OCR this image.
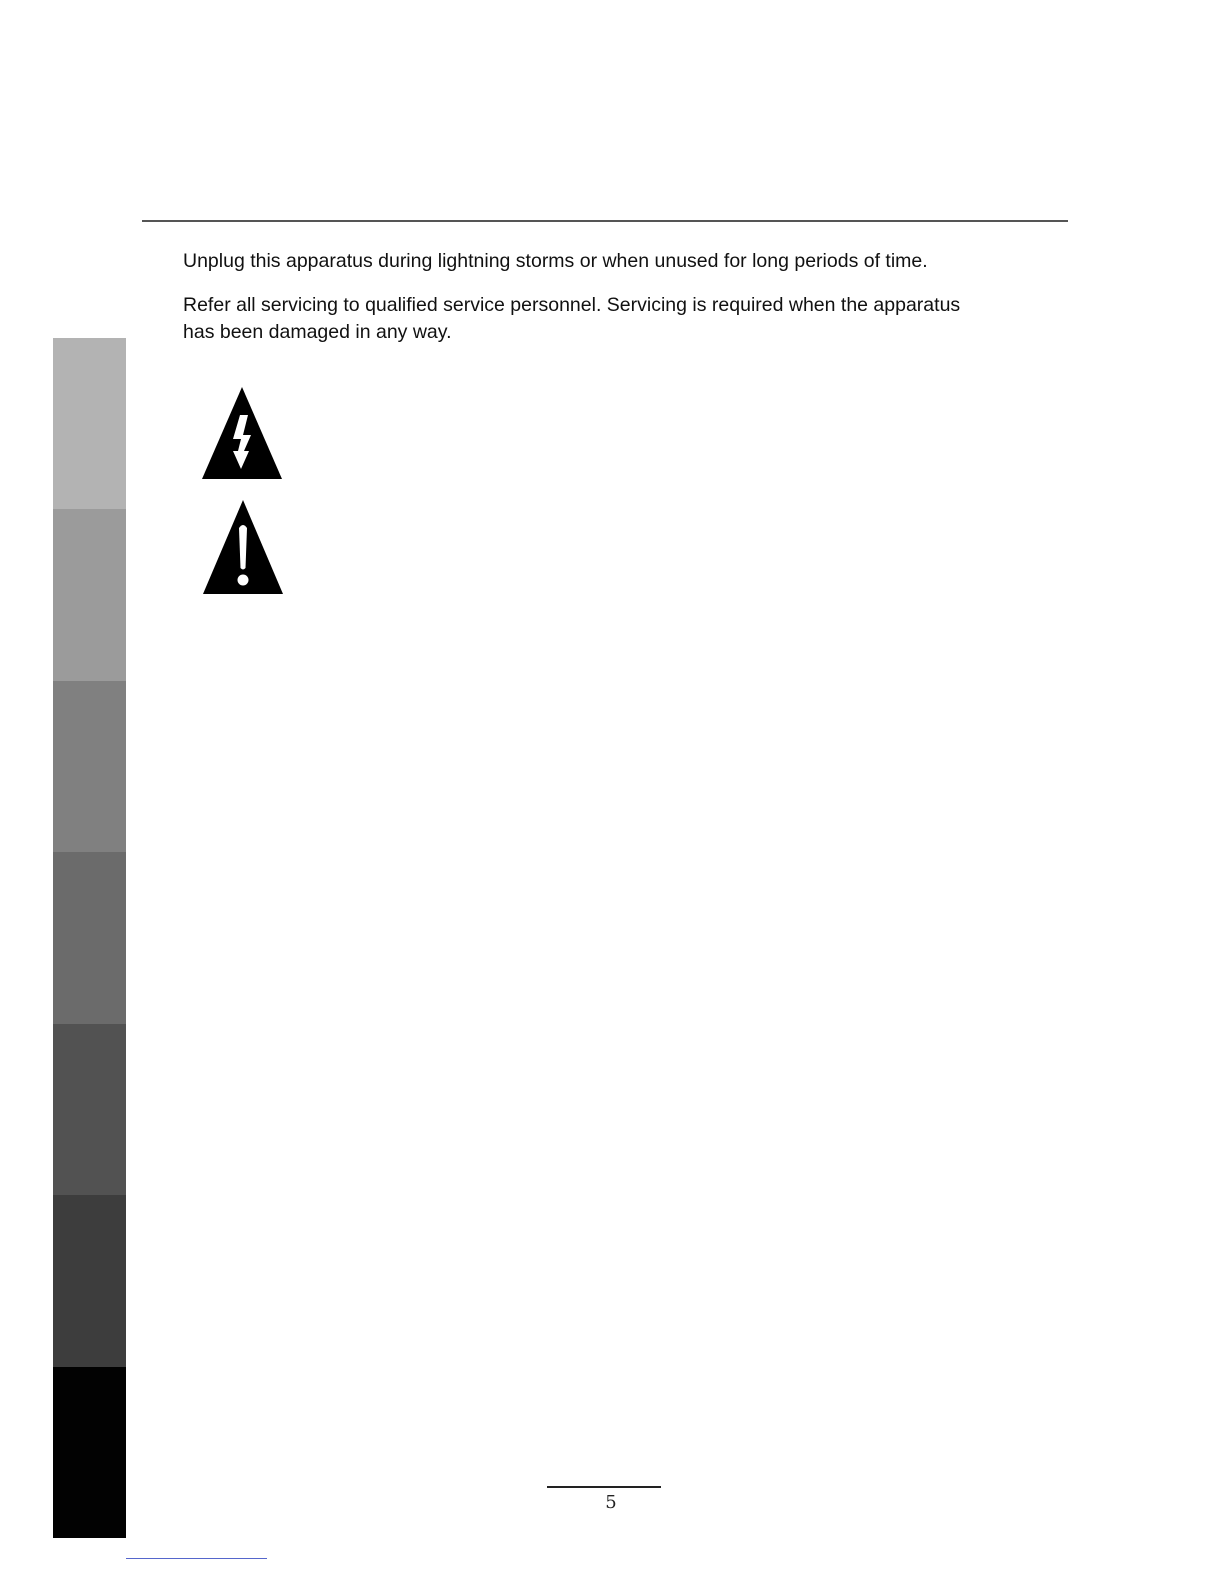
Unplug this apparatus during lightning storms or when unused for long periods of time.

Refer all servicing to qualified service personnel. Servicing is required when the apparatus
has been damaged in any way.

5
